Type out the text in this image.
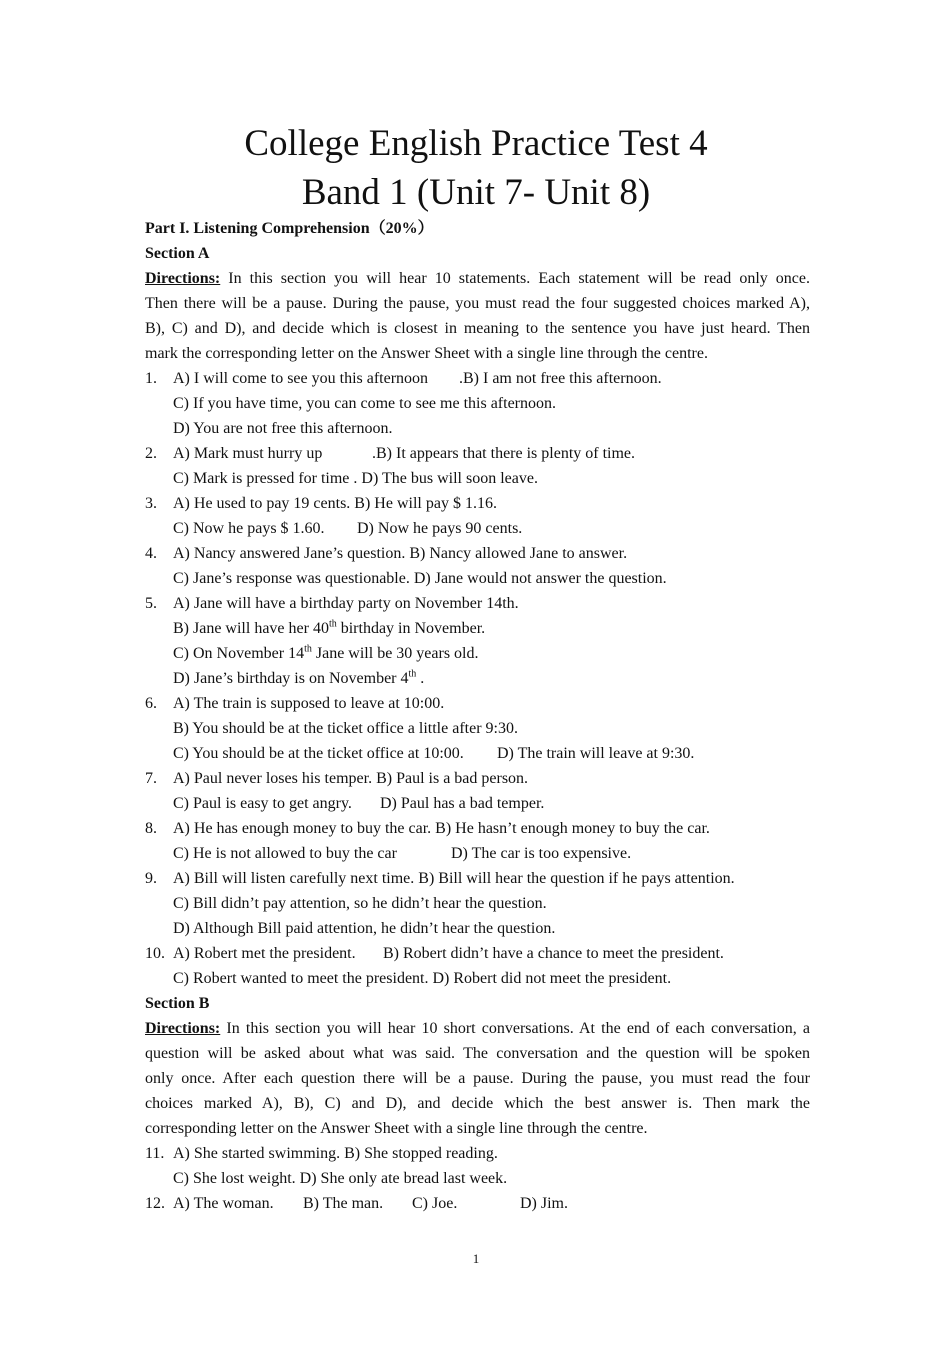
College English Practice Test 4
Band 1 (Unit 7- Unit 8)
Part I. Listening Comprehension（20%）
Section A
Directions: In this section you will hear 10 statements. Each statement will be read only once.
Then there will be a pause. During the pause, you must read the four suggested choices marked A),
B), C) and D), and decide which is closest in meaning to the sentence you have just heard. Then
mark the corresponding letter on the Answer Sheet with a single line through the centre.
1. A) I will come to see you this afternoon .B) I am not free this afternoon.
C) If you have time, you can come to see me this afternoon.
D) You are not free this afternoon.
2. A) Mark must hurry up	.B) It appears that there is plenty of time.
C) Mark is pressed for time . D) The bus will soon leave.
3. A) He used to pay 19 cents. B) He will pay $ 1.16.
C) Now he pays $ 1.60. D) Now he pays 90 cents.
4. A) Nancy answered Jane’s question. B) Nancy allowed Jane to answer.
C) Jane’s response was questionable. D) Jane would not answer the question.
5. A) Jane will have a birthday party on November 14th.
B) Jane will have her 40th birthday in November.
C) On November 14th Jane will be 30 years old.
D) Jane’s birthday is on November 4th .
6. A) The train is supposed to leave at 10:00.
B) You should be at the ticket office a little after 9:30.
C) You should be at the ticket office at 10:00. D) The train will leave at 9:30.
7. A) Paul never loses his temper. B) Paul is a bad person.
C) Paul is easy to get angry. D) Paul has a bad temper.
8. A) He has enough money to buy the car. B) He hasn’t enough money to buy the car.
C) He is not allowed to buy the car	D) The car is too expensive.
9. A) Bill will listen carefully next time. B) Bill will hear the question if he pays attention.
C) Bill didn’t pay attention, so he didn’t hear the question.
D) Although Bill paid attention, he didn’t hear the question.
10. A) Robert met the president. B) Robert didn’t have a chance to meet the president.
C) Robert wanted to meet the president. D) Robert did not meet the president.
Section B
Directions: In this section you will hear 10 short conversations. At the end of each conversation, a
question will be asked about what was said. The conversation and the question will be spoken
only once. After each question there will be a pause. During the pause, you must read the four
choices marked A), B), C) and D), and decide which the best answer is. Then mark the
corresponding letter on the Answer Sheet with a single line through the centre.
11. A) She started swimming. B) She stopped reading.
C) She lost weight. D) She only ate bread last week.
12. A) The woman. B) The man. C) Joe.	D) Jim.
1
